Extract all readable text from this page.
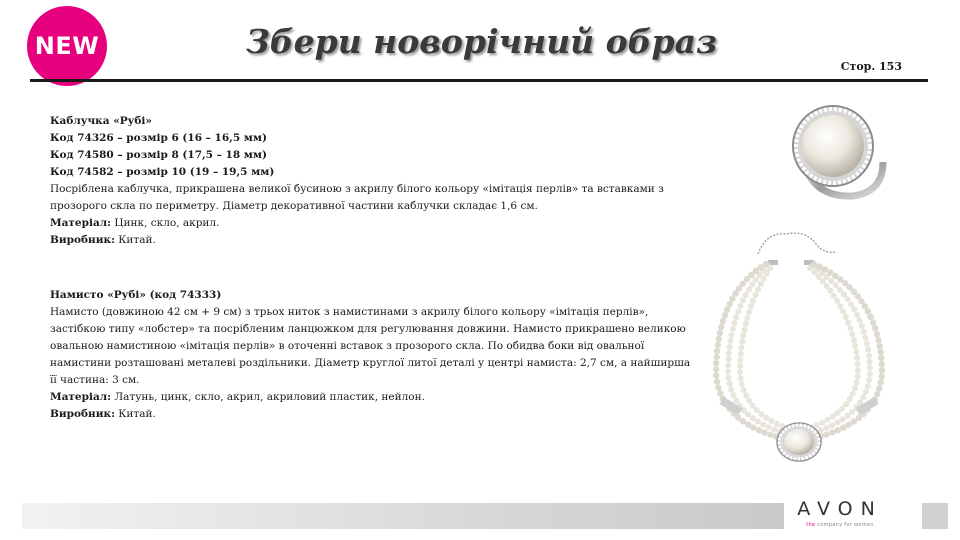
NEW	Збери новорічний образ
Стор. 153

Каблучка «Рубі»

Код 74326 – розмір 6 (16 – 16,5 мм)

Код 74580 – розмір 8 (17,5 – 18 мм)

Код 74582 – розмір 10 (19 – 19,5 мм)

Посріблена каблучка, прикрашена великої бусиною з акрилу білого кольору «імітація перлів» та вставками з

прозорого скла по периметру. Діаметр декоративної частини каблучки складає 1,6 см.

Матеріал: Цинк, скло, акрил.

Виробник: Китай.

Намисто «Рубі» (код 74333)

Намисто (довжиною 42 см + 9 см) з трьох ниток з намистинами з акрилу білого кольору «імітація перлів»,

застібкою типу «лобстер» та посрібленим ланцюжком для регулювання довжини. Намисто прикрашено великою

овальною намистиною «імітація перлів» в оточенні вставок з прозорого скла. По обидва боки від овальної

намистини розташовані металеві роздільники. Діаметр круглої литої деталі у центрі намиста: 2,7 см, а найширша

її частина: 3 см.

Матеріал: Латунь, цинк, скло, акрил, акриловий пластик, нейлон.

Виробник: Китай.

AVON
the company for women
